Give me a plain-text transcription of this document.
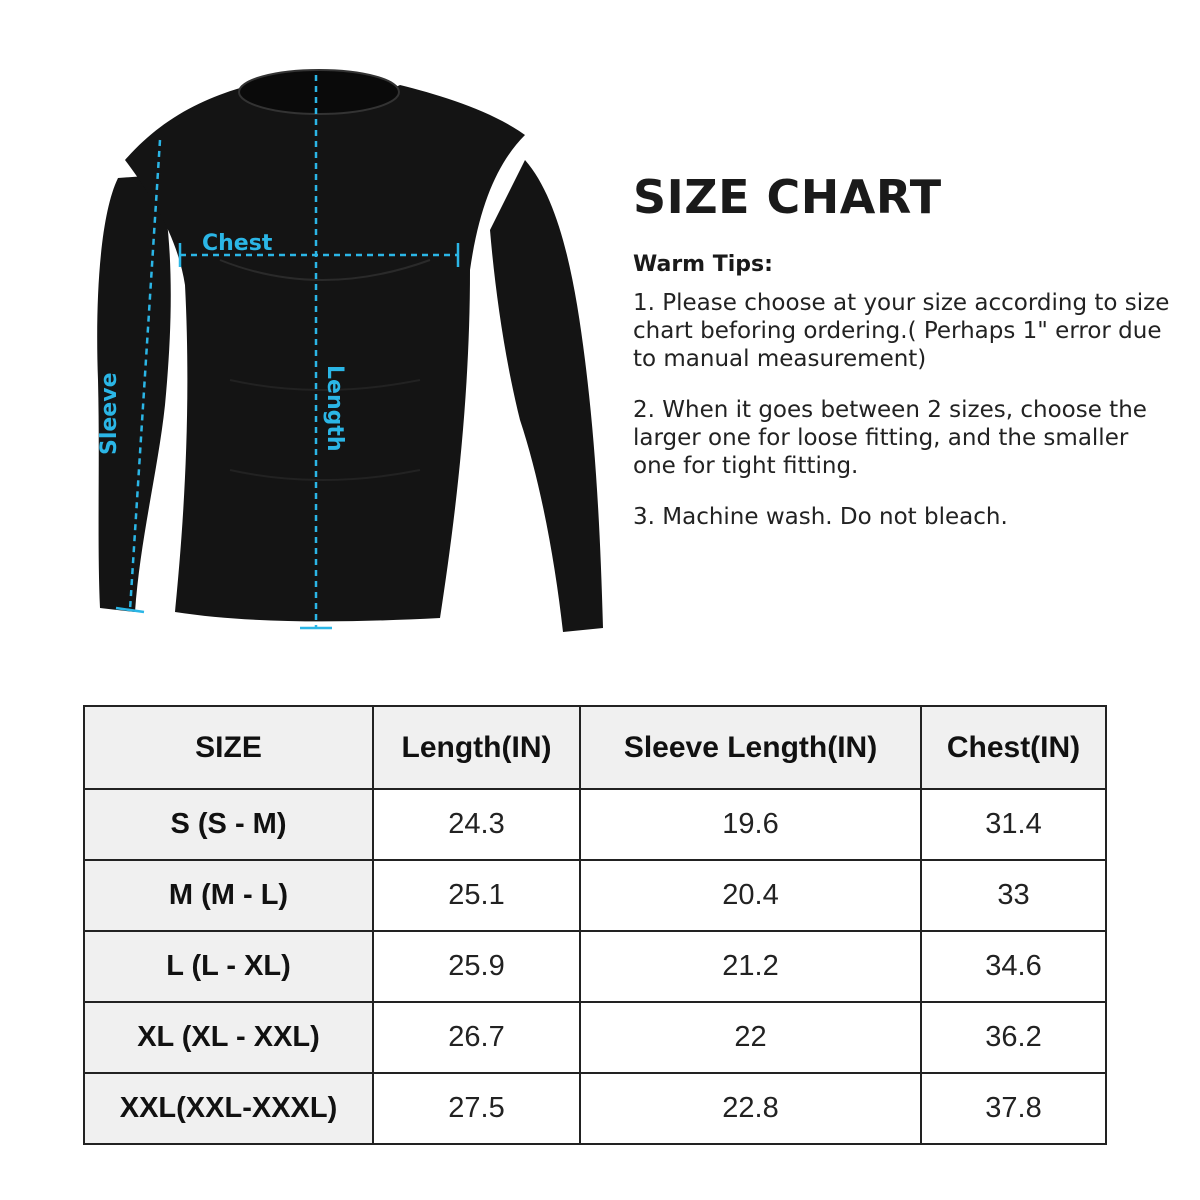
Length
Chest
Sleeve
SIZE CHART
Warm Tips:
1. Please choose at your size according to size chart beforing ordering.( Perhaps 1" error due to manual measurement)
2. When it goes between 2 sizes, choose the larger one for loose fitting, and the smaller one for tight fitting.
3. Machine wash. Do not bleach.
SIZE	Length(IN)	Sleeve Length(IN)	Chest(IN)
S (S - M)	24.3	19.6	31.4
M (M - L)	25.1	20.4	33
L (L - XL)	25.9	21.2	34.6
XL (XL - XXL)	26.7	22	36.2
XXL(XXL-XXXL)	27.5	22.8	37.8
